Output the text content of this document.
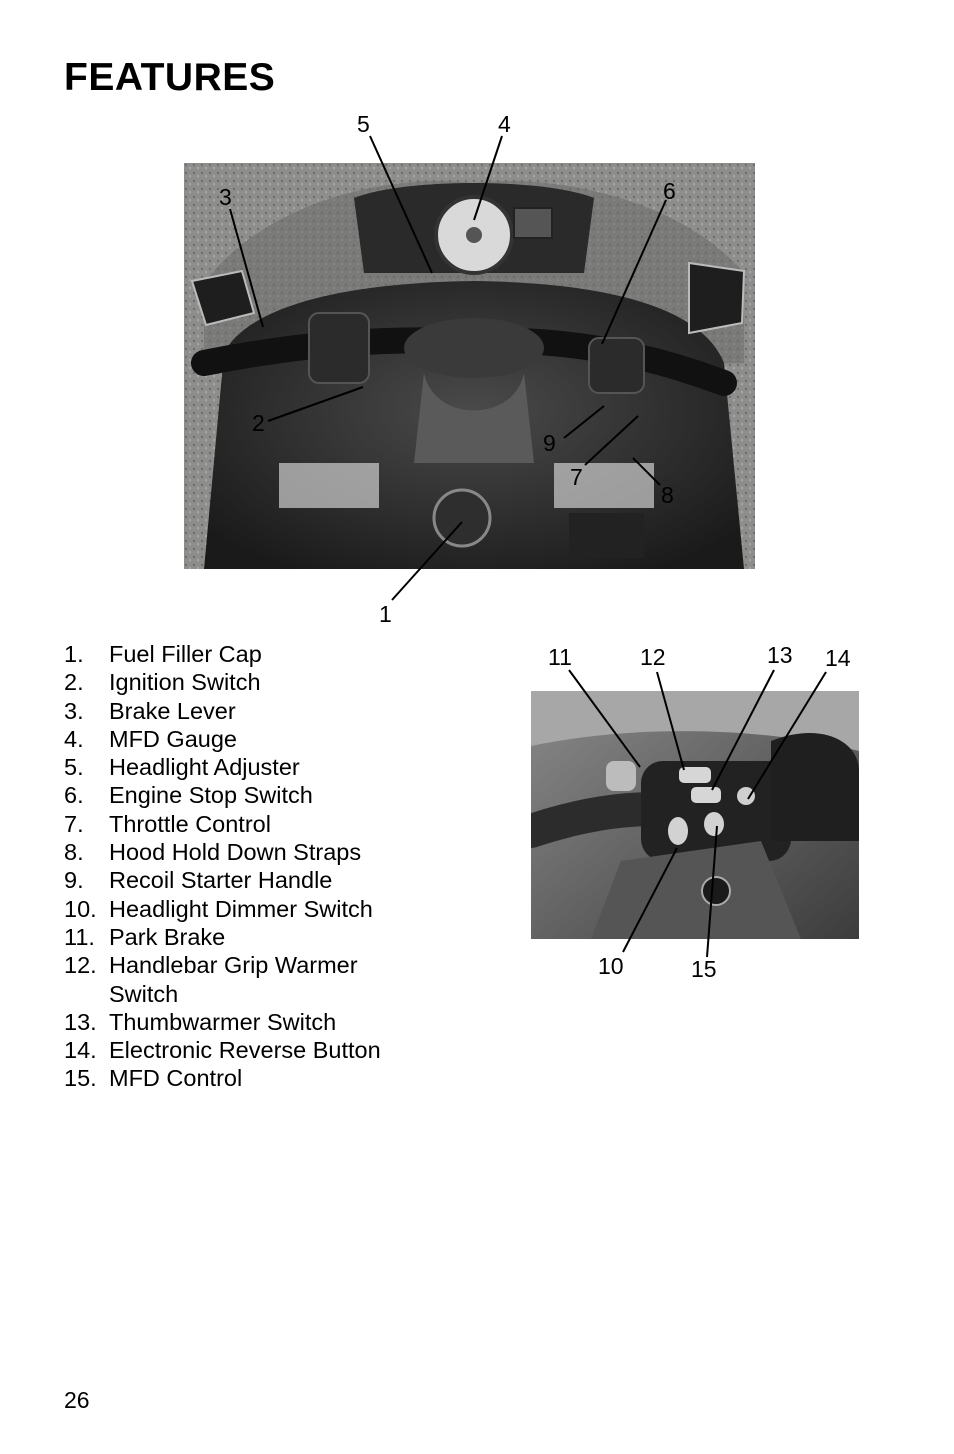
FEATURES
1
2
3
4
5
6
7
8
9
10
11	12	13 14
15
1.	Fuel Filler Cap
2.	Ignition Switch
3.	Brake Lever
4.	MFD Gauge
5.	Headlight Adjuster
6.	Engine Stop Switch
7.	Throttle Control
8.	Hood Hold Down Straps
9.	Recoil Starter Handle
10. Headlight Dimmer Switch
11. Park Brake
12. Handlebar Grip Warmer Switch
13. Thumbwarmer Switch
14. Electronic Reverse Button
15. MFD Control
26
